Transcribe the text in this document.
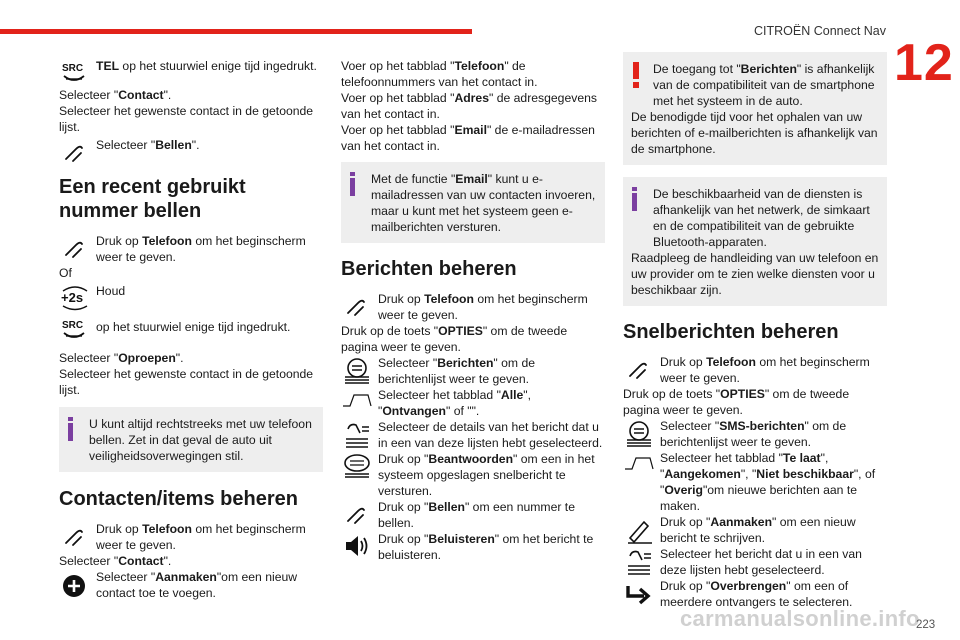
CITROËN Connect Nav
12
SRC TEL op het stuurwiel enige tijd ingedrukt.

Selecteer "Contact".

Selecteer het gewenste contact in de getoonde lijst.

Selecteer "Bellen".

Een recent gebruikt nummer bellen

Druk op Telefoon om het beginscherm weer te geven.

Of

+2s Houd

SRC op het stuurwiel enige tijd ingedrukt.

Selecteer "Oproepen".

Selecteer het gewenste contact in de getoonde lijst.

U kunt altijd rechtstreeks met uw telefoon bellen. Zet in dat geval de auto uit veiligheidsoverwegingen stil.

Contacten/items beheren

Druk op Telefoon om het beginscherm weer te geven.

Selecteer "Contact".

Selecteer "Aanmaken"om een nieuw contact toe te voegen.

Voer op het tabblad "Telefoon" de telefoonnummers van het contact in.

Voer op het tabblad "Adres" de adresgegevens van het contact in.

Voer op het tabblad "Email" de e-mailadressen van het contact in.

Met de functie "Email" kunt u e-mailadressen van uw contacten invoeren, maar u kunt met het systeem geen e-mailberichten versturen.

Berichten beheren

Druk op Telefoon om het beginscherm weer te geven.

Druk op de toets "OPTIES" om de tweede pagina weer te geven.

Selecteer "Berichten" om de berichtenlijst weer te geven.

Selecteer het tabblad "Alle", "Ontvangen" of "".

Selecteer de details van het bericht dat u in een van deze lijsten hebt geselecteerd.

Druk op "Beantwoorden" om een in het systeem opgeslagen snelbericht te versturen.

Druk op "Bellen" om een nummer te bellen.

Druk op "Beluisteren" om het bericht te beluisteren.

De toegang tot "Berichten" is afhankelijk van de compatibiliteit van de smartphone met het systeem in de auto.

De benodigde tijd voor het ophalen van uw berichten of e-mailberichten is afhankelijk van de smartphone.

De beschikbaarheid van de diensten is afhankelijk van het netwerk, de simkaart en de compatibiliteit van de gebruikte Bluetooth-apparaten.

Raadpleeg de handleiding van uw telefoon en uw provider om te zien welke diensten voor u beschikbaar zijn.

Snelberichten beheren

Druk op Telefoon om het beginscherm weer te geven.

Druk op de toets "OPTIES" om de tweede pagina weer te geven.

Selecteer "SMS-berichten" om de berichtenlijst weer te geven.

Selecteer het tabblad "Te laat", "Aangekomen", "Niet beschikbaar", of "Overig"om nieuwe berichten aan te maken.

Druk op "Aanmaken" om een nieuw bericht te schrijven.

Selecteer het bericht dat u in een van deze lijsten hebt geselecteerd.

Druk op "Overbrengen" om een of meerdere ontvangers te selecteren.

carmanualsonline.info
223
